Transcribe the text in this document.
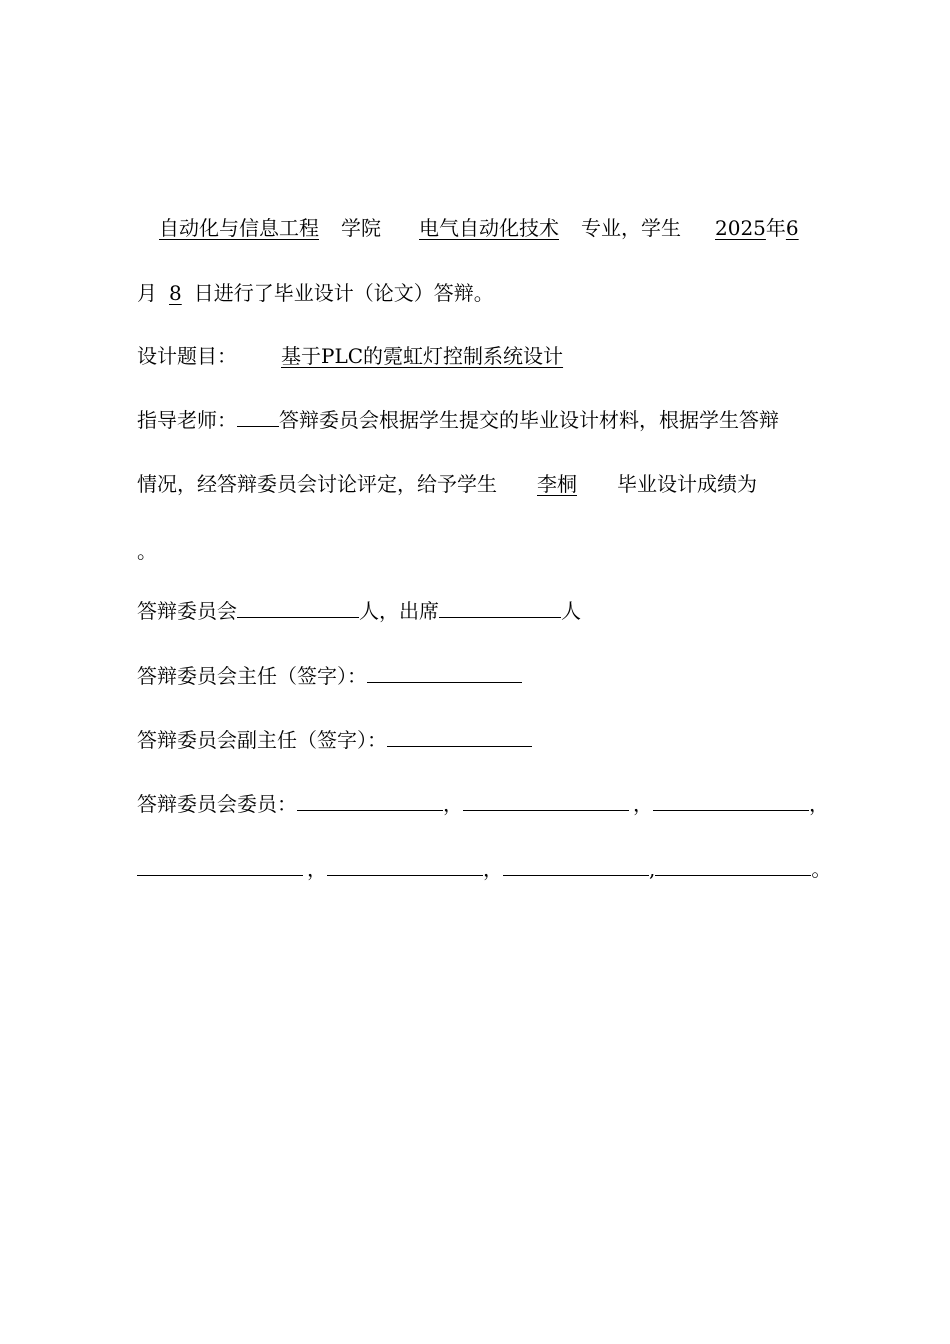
自动化与信息工程 学院 电气自动化技术 专业，学生 2025年6
月 8 日进行了毕业设计（论文）答辩。
设计题目： 基于PLC的霓虹灯控制系统设计
指导老师： 答辩委员会根据学生提交的毕业设计材料，根据学生答辩
情况，经答辩委员会讨论评定，给予学生 李桐 毕业设计成绩为
。
答辩委员会	人，出席	人
答辩委员会主任（签字）：
答辩委员会副主任（签字）：
答辩委员会委员：	，	，	，
，	，	,	。
